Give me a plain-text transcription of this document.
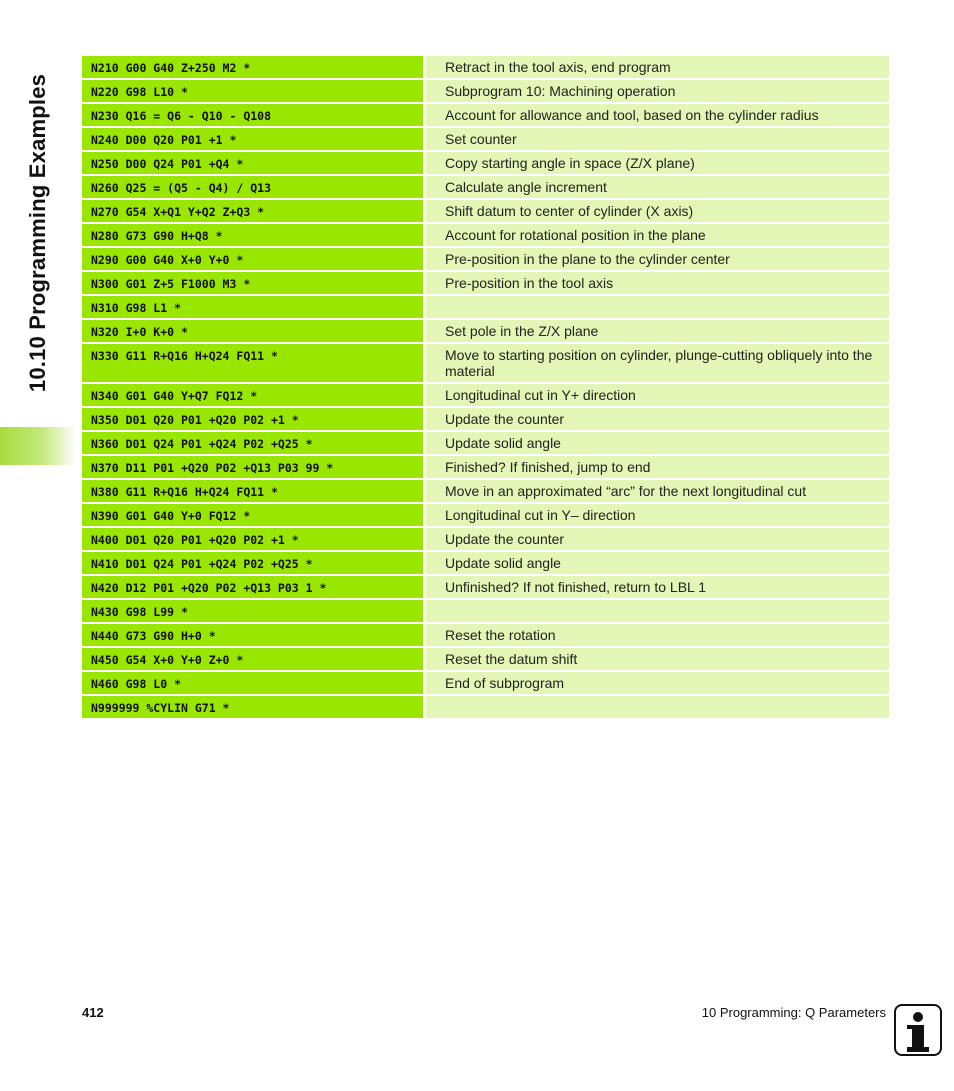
10.10 Programming Examples
N210 G00 G40 Z+250 M2 *		Retract in the tool axis, end program
N220 G98 L10 *		Subprogram 10: Machining operation
N230 Q16 = Q6 - Q10 - Q108		Account for allowance and tool, based on the cylinder radius
N240 D00 Q20 P01 +1 *		Set counter
N250 D00 Q24 P01 +Q4 *		Copy starting angle in space (Z/X plane)
N260 Q25 = (Q5 - Q4) / Q13		Calculate angle increment
N270 G54 X+Q1 Y+Q2 Z+Q3 *		Shift datum to center of cylinder (X axis)
N280 G73 G90 H+Q8 *		Account for rotational position in the plane
N290 G00 G40 X+0 Y+0 *		Pre-position in the plane to the cylinder center
N300 G01 Z+5 F1000 M3 *		Pre-position in the tool axis
N310 G98 L1 *		
N320 I+0 K+0 *		Set pole in the Z/X plane
N330 G11 R+Q16 H+Q24 FQ11 *		Move to starting position on cylinder, plunge-cutting obliquely into the material
N340 G01 G40 Y+Q7 FQ12 *		Longitudinal cut in Y+ direction
N350 D01 Q20 P01 +Q20 P02 +1 *		Update the counter
N360 D01 Q24 P01 +Q24 P02 +Q25 *		Update solid angle
N370 D11 P01 +Q20 P02 +Q13 P03 99 *		Finished? If finished, jump to end
N380 G11 R+Q16 H+Q24 FQ11 *		Move in an approximated “arc” for the next longitudinal cut
N390 G01 G40 Y+0 FQ12 *		Longitudinal cut in Y– direction
N400 D01 Q20 P01 +Q20 P02 +1 *		Update the counter
N410 D01 Q24 P01 +Q24 P02 +Q25 *		Update solid angle
N420 D12 P01 +Q20 P02 +Q13 P03 1 *		Unfinished? If not finished, return to LBL 1
N430 G98 L99 *		
N440 G73 G90 H+0 *		Reset the rotation
N450 G54 X+0 Y+0 Z+0 *		Reset the datum shift
N460 G98 L0 *		End of subprogram
N999999 %CYLIN G71 *		
412	10 Programming: Q Parameters
